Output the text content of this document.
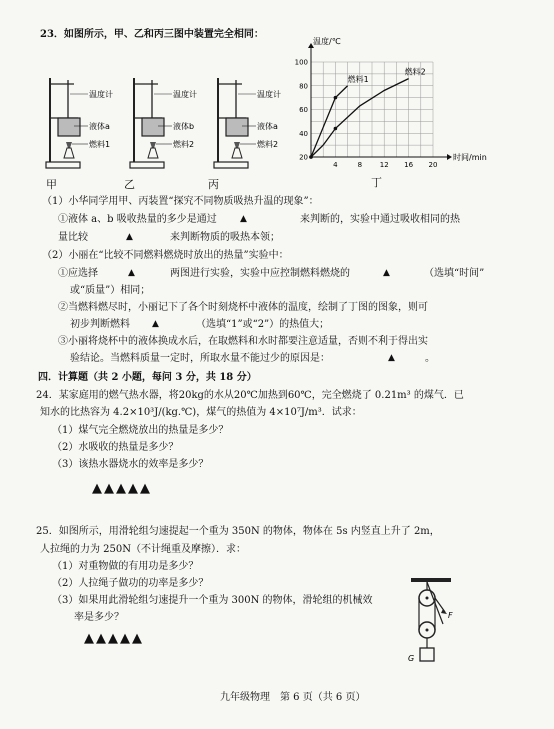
23．如图所示，甲、乙和丙三图中装置完全相同：
温度计
液体a
燃料1
温度计
液体b
燃料2
温度计
液体a
燃料2
4	8	12 16 20
20
40
60
80
100
温度/℃
时间/min
燃料1
燃料2
丁
甲	乙	丙
（1）小华同学用甲、丙装置“探究不同物质吸热升温的现象”：
①液体 a、b 吸收热量的多少是通过	▲	来判断的，实验中通过吸收相同的热
量比较	▲	来判断物质的吸热本领；
（2）小丽在“比较不同燃料燃烧时放出的热量”实验中：
①应选择	▲	两图进行实验，实验中应控制燃料燃烧的	▲	（选填“时间”
或“质量”）相同；
②当燃料燃尽时，小丽记下了各个时刻烧杯中液体的温度，绘制了丁图的图象，则可
初步判断燃料 ▲	（选填“1”或“2”）的热值大；
③小丽将烧杯中的液体换成水后，在取燃料和水时都要注意适量，否则不利于得出实
验结论。当燃料质量一定时，所取水量不能过少的原因是：	▲	。
四．计算题（共 2 小题，每问 3 分，共 18 分）
24．某家庭用的燃气热水器，将20kg的水从20℃加热到60℃，完全燃烧了 0.21m³ 的煤气．已
知水的比热容为 4.2×10³J/(kg.℃)，煤气的热值为 4×10⁷J/m³．试求：
（1）煤气完全燃烧放出的热量是多少？
（2）水吸收的热量是多少？
（3）该热水器烧水的效率是多少？
▲▲▲▲▲
25．如图所示，用滑轮组匀速提起一个重为 350N 的物体，物体在 5s 内竖直上升了 2m，
人拉绳的力为 250N（不计绳重及摩擦）．求：
（1）对重物做的有用功是多少？
（2）人拉绳子做功的功率是多少？
（3）如果用此滑轮组匀速提升一个重为 300N 的物体，滑轮组的机械效
率是多少？
▲▲▲▲▲
F
G
九年级物理　第 6 页（共 6 页）
